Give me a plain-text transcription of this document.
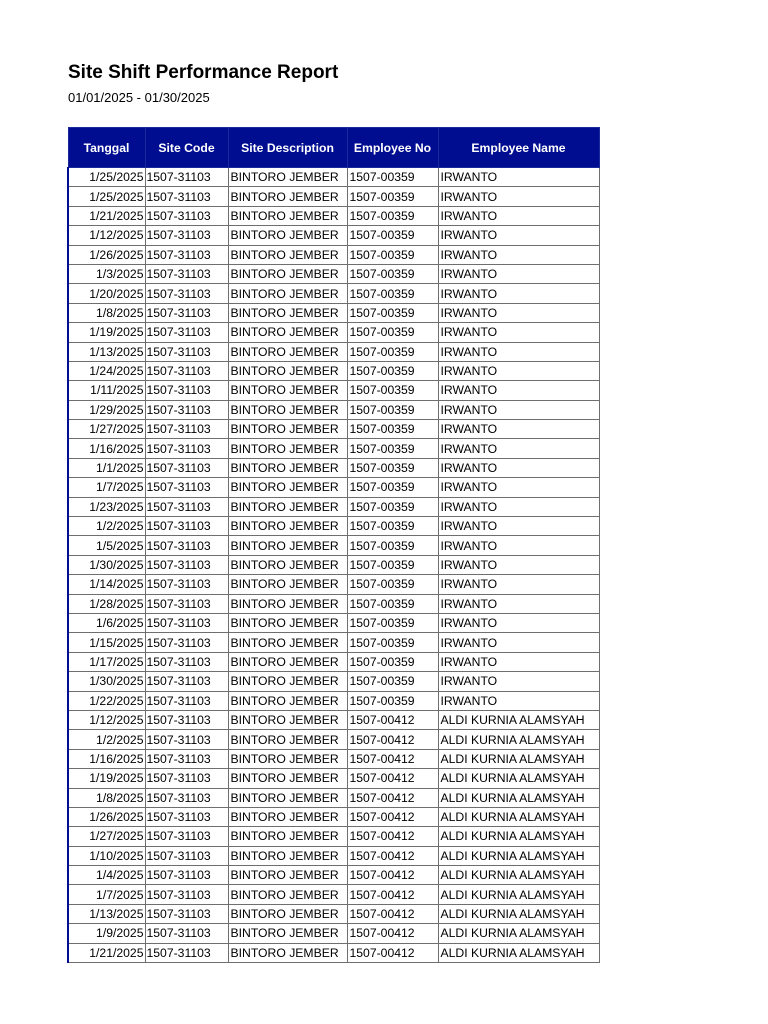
Site Shift Performance Report
01/01/2025 - 01/30/2025
Tanggal	Site Code	Site Description	Employee No	Employee Name
1/25/2025	1507-31103	BINTORO JEMBER	1507-00359	IRWANTO
1/25/2025	1507-31103	BINTORO JEMBER	1507-00359	IRWANTO
1/21/2025	1507-31103	BINTORO JEMBER	1507-00359	IRWANTO
1/12/2025	1507-31103	BINTORO JEMBER	1507-00359	IRWANTO
1/26/2025	1507-31103	BINTORO JEMBER	1507-00359	IRWANTO
1/3/2025	1507-31103	BINTORO JEMBER	1507-00359	IRWANTO
1/20/2025	1507-31103	BINTORO JEMBER	1507-00359	IRWANTO
1/8/2025	1507-31103	BINTORO JEMBER	1507-00359	IRWANTO
1/19/2025	1507-31103	BINTORO JEMBER	1507-00359	IRWANTO
1/13/2025	1507-31103	BINTORO JEMBER	1507-00359	IRWANTO
1/24/2025	1507-31103	BINTORO JEMBER	1507-00359	IRWANTO
1/11/2025	1507-31103	BINTORO JEMBER	1507-00359	IRWANTO
1/29/2025	1507-31103	BINTORO JEMBER	1507-00359	IRWANTO
1/27/2025	1507-31103	BINTORO JEMBER	1507-00359	IRWANTO
1/16/2025	1507-31103	BINTORO JEMBER	1507-00359	IRWANTO
1/1/2025	1507-31103	BINTORO JEMBER	1507-00359	IRWANTO
1/7/2025	1507-31103	BINTORO JEMBER	1507-00359	IRWANTO
1/23/2025	1507-31103	BINTORO JEMBER	1507-00359	IRWANTO
1/2/2025	1507-31103	BINTORO JEMBER	1507-00359	IRWANTO
1/5/2025	1507-31103	BINTORO JEMBER	1507-00359	IRWANTO
1/30/2025	1507-31103	BINTORO JEMBER	1507-00359	IRWANTO
1/14/2025	1507-31103	BINTORO JEMBER	1507-00359	IRWANTO
1/28/2025	1507-31103	BINTORO JEMBER	1507-00359	IRWANTO
1/6/2025	1507-31103	BINTORO JEMBER	1507-00359	IRWANTO
1/15/2025	1507-31103	BINTORO JEMBER	1507-00359	IRWANTO
1/17/2025	1507-31103	BINTORO JEMBER	1507-00359	IRWANTO
1/30/2025	1507-31103	BINTORO JEMBER	1507-00359	IRWANTO
1/22/2025	1507-31103	BINTORO JEMBER	1507-00359	IRWANTO
1/12/2025	1507-31103	BINTORO JEMBER	1507-00412	ALDI KURNIA ALAMSYAH
1/2/2025	1507-31103	BINTORO JEMBER	1507-00412	ALDI KURNIA ALAMSYAH
1/16/2025	1507-31103	BINTORO JEMBER	1507-00412	ALDI KURNIA ALAMSYAH
1/19/2025	1507-31103	BINTORO JEMBER	1507-00412	ALDI KURNIA ALAMSYAH
1/8/2025	1507-31103	BINTORO JEMBER	1507-00412	ALDI KURNIA ALAMSYAH
1/26/2025	1507-31103	BINTORO JEMBER	1507-00412	ALDI KURNIA ALAMSYAH
1/27/2025	1507-31103	BINTORO JEMBER	1507-00412	ALDI KURNIA ALAMSYAH
1/10/2025	1507-31103	BINTORO JEMBER	1507-00412	ALDI KURNIA ALAMSYAH
1/4/2025	1507-31103	BINTORO JEMBER	1507-00412	ALDI KURNIA ALAMSYAH
1/7/2025	1507-31103	BINTORO JEMBER	1507-00412	ALDI KURNIA ALAMSYAH
1/13/2025	1507-31103	BINTORO JEMBER	1507-00412	ALDI KURNIA ALAMSYAH
1/9/2025	1507-31103	BINTORO JEMBER	1507-00412	ALDI KURNIA ALAMSYAH
1/21/2025	1507-31103	BINTORO JEMBER	1507-00412	ALDI KURNIA ALAMSYAH
